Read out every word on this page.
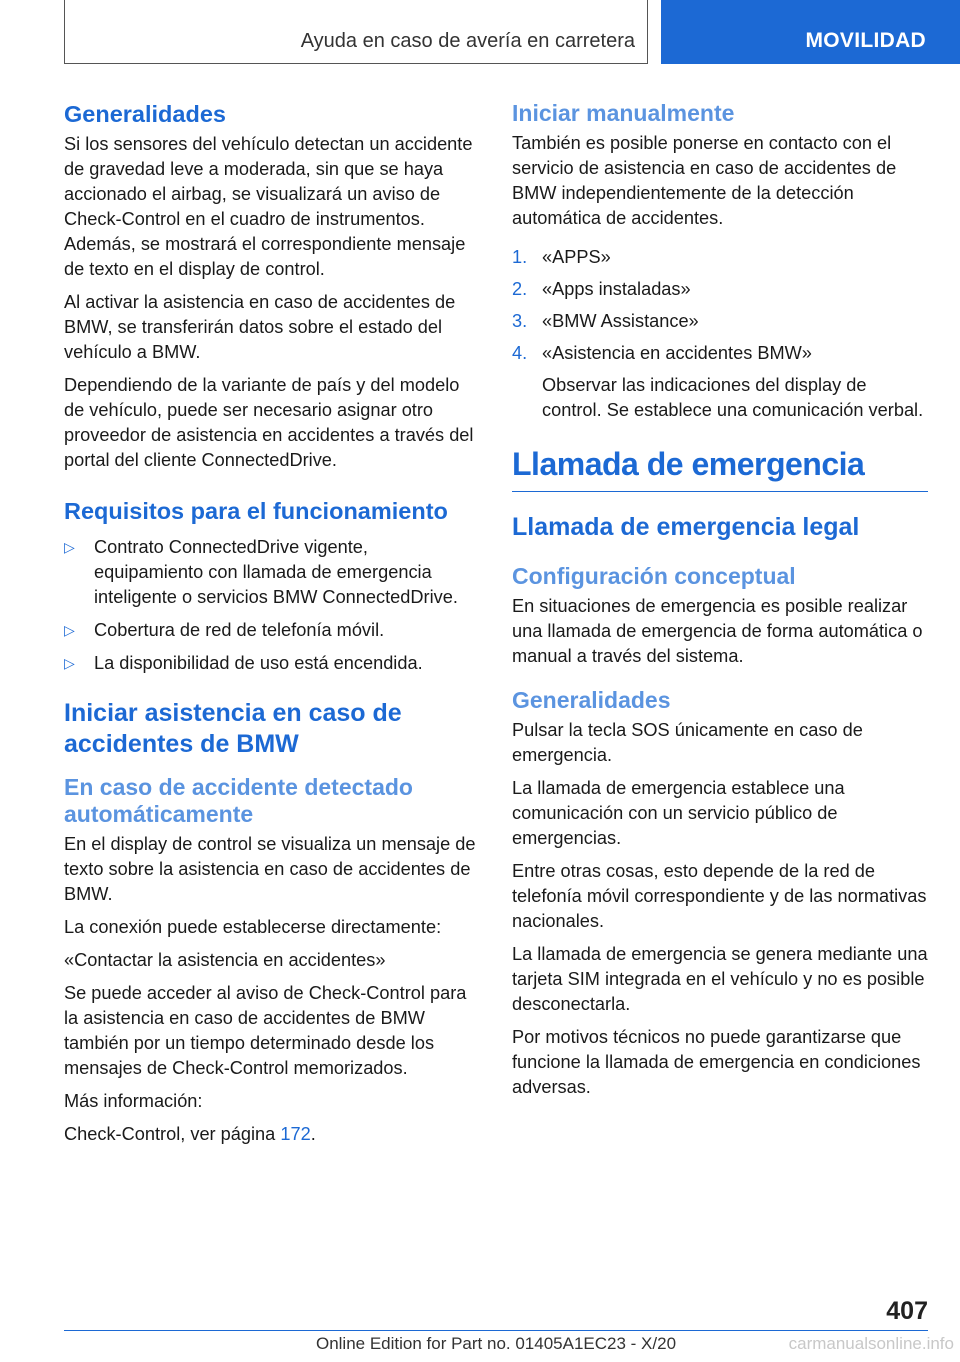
Ayuda en caso de avería en carretera	MOVILIDAD
Generalidades

Si los sensores del vehículo detectan un accidente de gravedad leve a moderada, sin que se haya accionado el airbag, se visualizará un aviso de Check-Control en el cuadro de instrumentos. Además, se mostrará el correspondiente mensaje de texto en el display de control.

Al activar la asistencia en caso de accidentes de BMW, se transferirán datos sobre el estado del vehículo a BMW.

Dependiendo de la variante de país y del modelo de vehículo, puede ser necesario asignar otro proveedor de asistencia en accidentes a través del portal del cliente ConnectedDrive.

Requisitos para el funcionamiento
▷ Contrato ConnectedDrive vigente, equipamiento con llamada de emergencia inteligente o servicios BMW ConnectedDrive.
▷ Cobertura de red de telefonía móvil.
▷ La disponibilidad de uso está encendida.
Iniciar asistencia en caso de accidentes de BMW
En caso de accidente detectado automáticamente

En el display de control se visualiza un mensaje de texto sobre la asistencia en caso de accidentes de BMW.

La conexión puede establecerse directamente:

«Contactar la asistencia en accidentes»

Se puede acceder al aviso de Check-Control para la asistencia en caso de accidentes de BMW también por un tiempo determinado desde los mensajes de Check-Control memorizados.

Más información:

Check-Control, ver página 172.

Iniciar manualmente

También es posible ponerse en contacto con el servicio de asistencia en caso de accidentes de BMW independientemente de la detección automática de accidentes.

1. «APPS»
2. «Apps instaladas»
3. «BMW Assistance»
4. «Asistencia en accidentes BMW»
Observar las indicaciones del display de control. Se establece una comunicación verbal.
Llamada de emergencia
Llamada de emergencia legal
Configuración conceptual

En situaciones de emergencia es posible realizar una llamada de emergencia de forma automática o manual a través del sistema.

Generalidades

Pulsar la tecla SOS únicamente en caso de emergencia.

La llamada de emergencia establece una comunicación con un servicio público de emergencias.

Entre otras cosas, esto depende de la red de telefonía móvil correspondiente y de las normativas nacionales.

La llamada de emergencia se genera mediante una tarjeta SIM integrada en el vehículo y no es posible desconectarla.

Por motivos técnicos no puede garantizarse que funcione la llamada de emergencia en condiciones adversas.

407
Online Edition for Part no. 01405A1EC23 - X/20	carmanualsonline.info
